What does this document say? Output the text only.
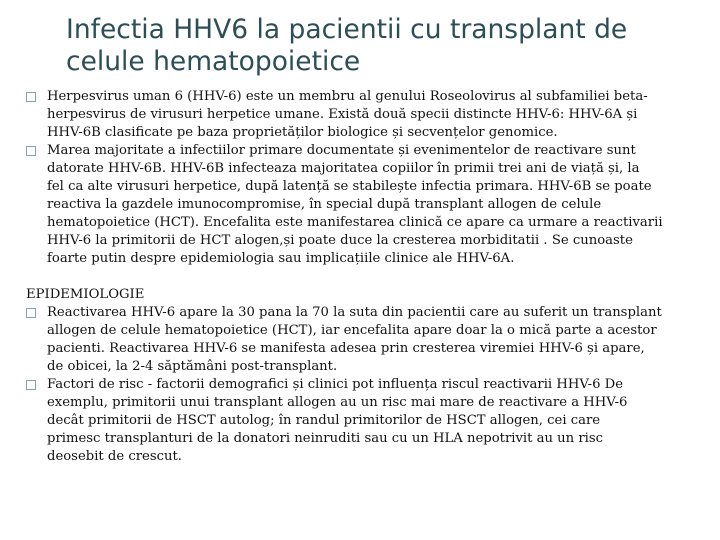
Infectia HHV6 la pacientii cu transplant de
celule hematopoietice
Herpesvirus uman 6 (HHV-6) este un membru al genului Roseolovirus al subfamiliei beta-
herpesvirus de virusuri herpetice umane. Există două specii distincte HHV-6: HHV-6A și
HHV-6B clasificate pe baza proprietăților biologice și secvențelor genomice.
Marea majoritate a infectiilor primare documentate și evenimentelor de reactivare sunt
datorate HHV-6B. HHV-6B infecteaza majoritatea copiilor în primii trei ani de viață și, la
fel ca alte virusuri herpetice, după latență se stabilește infectia primara. HHV-6B se poate
reactiva la gazdele imunocompromise, în special după transplant allogen de celule
hematopoietice (HCT). Encefalita este manifestarea clinică ce apare ca urmare a reactivarii
HHV-6 la primitorii de HCT alogen,și poate duce la cresterea morbiditatii . Se cunoaste
foarte putin despre epidemiologia sau implicațiile clinice ale HHV-6A.
EPIDEMIOLOGIE
Reactivarea HHV-6 apare la 30 pana la 70 la suta din pacientii care au suferit un transplant
allogen de celule hematopoietice (HCT), iar encefalita apare doar la o mică parte a acestor
pacienti. Reactivarea HHV-6 se manifesta adesea prin cresterea viremiei HHV-6 și apare,
de obicei, la 2-4 săptămâni post-transplant.
Factori de risc - factorii demografici și clinici pot influența riscul reactivarii HHV-6 De
exemplu, primitorii unui transplant allogen au un risc mai mare de reactivare a HHV-6
decât primitorii de HSCT autolog; în randul primitorilor de HSCT allogen, cei care
primesc transplanturi de la donatori neinruditi sau cu un HLA nepotrivit au un risc
deosebit de crescut.
